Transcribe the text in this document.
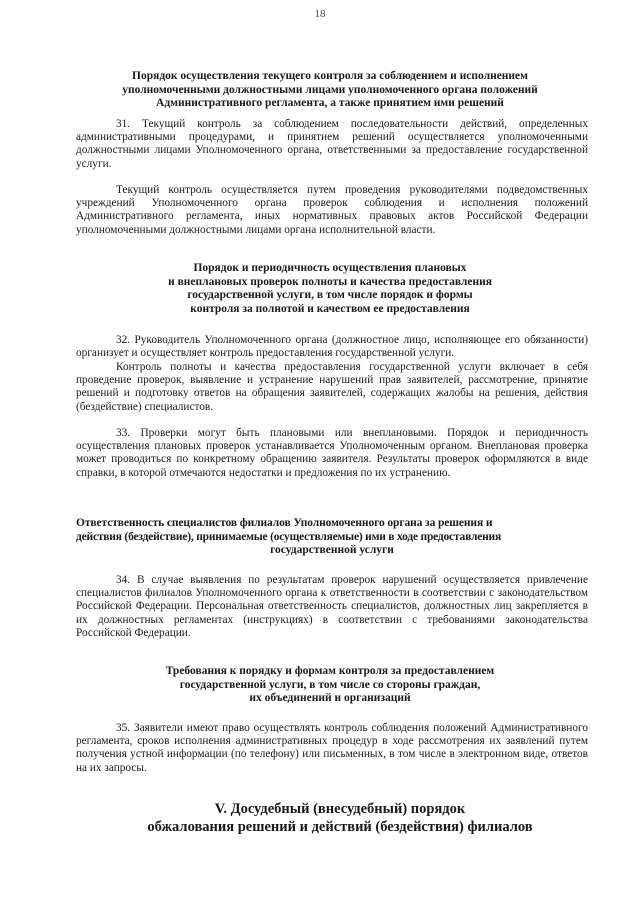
18
Порядок осуществления текущего контроля за соблюдением и исполнением
уполномоченными должностными лицами уполномоченного органа положений
Административного регламента, а также принятием ими решений

31. Текущий контроль за соблюдением последовательности действий, определенных административными процедурами, и принятием решений осуществляется уполномоченными должностными лицами Уполномоченного органа, ответственными за предоставление государственной услуги.

Текущий контроль осуществляется путем проведения руководителями подведомственных учреждений Уполномоченного органа проверок соблюдения и исполнения положений Административного регламента, иных нормативных правовых актов Российской Федерации уполномоченными должностными лицами органа исполнительной власти.

Порядок и периодичность осуществления плановых
и внеплановых проверок полноты и качества предоставления
государственной услуги, в том числе порядок и формы
контроля за полнотой и качеством ее предоставления

32. Руководитель Уполномоченного органа (должностное лицо, исполняющее его обязанности) организует и осуществляет контроль предоставления государственной услуги.

Контроль полноты и качества предоставления государственной услуги включает в себя проведение проверок, выявление и устранение нарушений прав заявителей, рассмотрение, принятие решений и подготовку ответов на обращения заявителей, содержащих жалобы на решения, действия (бездействие) специалистов.

33. Проверки могут быть плановыми или внеплановыми. Порядок и периодичность осуществления плановых проверок устанавливается Уполномоченным органом. Внеплановая проверка может проводиться по конкретному обращению заявителя. Результаты проверок оформляются в виде справки, в которой отмечаются недостатки и предложения по их устранению.

Ответственность специалистов филиалов Уполномоченного органа за решения и
действия (бездействие), принимаемые (осуществляемые) ими в ходе предоставления
государственной услуги

34. В случае выявления по результатам проверок нарушений осуществляется привлечение специалистов филиалов Уполномоченного органа к ответственности в соответствии с законодательством Российской Федерации. Персональная ответственность специалистов, должностных лиц закрепляется в их должностных регламентах (инструкциях) в соответствии с требованиями законодательства Российской Федерации.

Требования к порядку и формам контроля за предоставлением
государственной услуги, в том числе со стороны граждан,
их объединений и организаций

35. Заявители имеют право осуществлять контроль соблюдения положений Административного регламента, сроков исполнения административных процедур в ходе рассмотрения их заявлений путем получения устной информации (по телефону) или письменных, в том числе в электронном виде, ответов на их запросы.

V. Досудебный (внесудебный) порядок
обжалования решений и действий (бездействия) филиалов
